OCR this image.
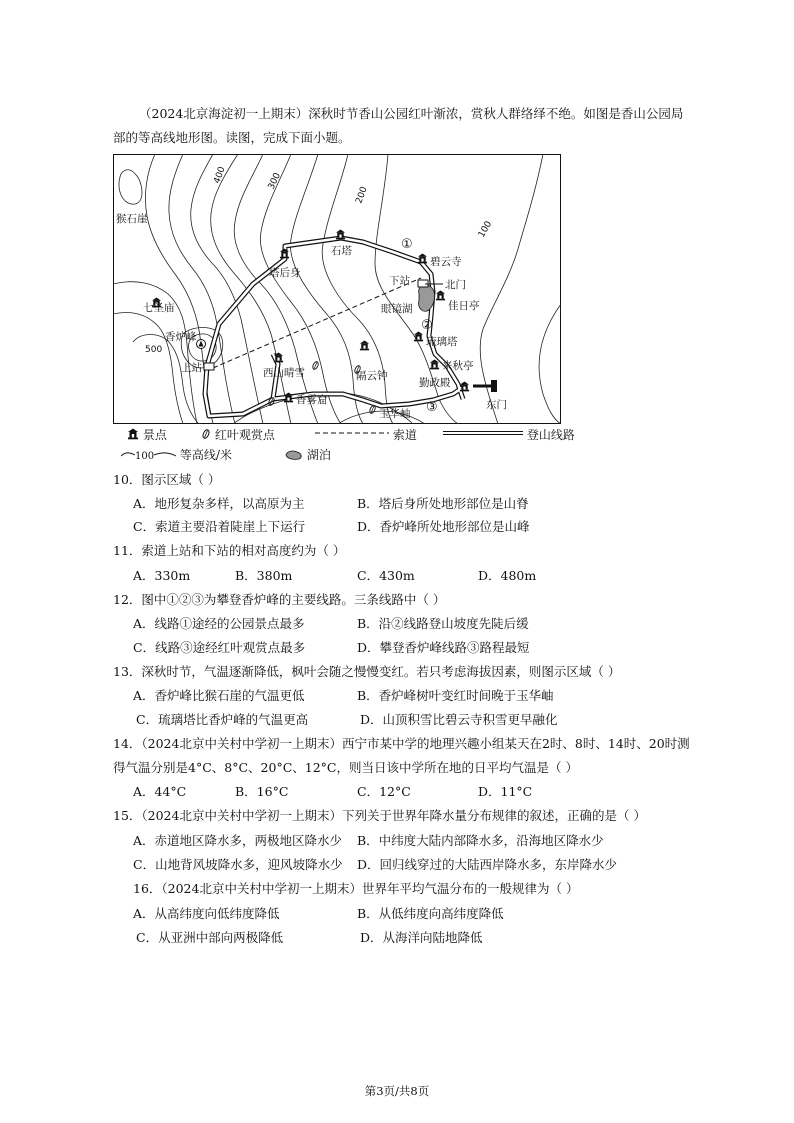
（2024北京海淀初一上期末）深秋时节香山公园红叶渐浓，赏秋人群络绎不绝。如图是香山公园局部的等高线地形图。读图，完成下面小题。

猴石崖
石塔
碧云寺
塔后身
下站	北门
佳日亭
眼镜湖
七圣庙
香炉峰
上站
琉璃塔
来秋亭
西山晴雪	隔云钟
勤政殿
香雾窟
玉华岫
东门
①
②
③
100
200
300
400
500
景点	红叶观赏点	索道	登山线路
100 等高线/米	湖泊

10．图示区域（ ）

A．地形复杂多样，以高原为主	B．塔后身所处地形部位是山脊
C．索道主要沿着陡崖上下运行	D．香炉峰所处地形部位是山峰

11．索道上站和下站的相对高度约为（ ）

A．330m	B．380m	C．430m	D．480m

12．图中①②③为攀登香炉峰的主要线路。三条线路中（ ）

A．线路①途经的公园景点最多	B．沿②线路登山坡度先陡后缓
C．线路③途经红叶观赏点最多	D．攀登香炉峰线路③路程最短

13．深秋时节，气温逐渐降低，枫叶会随之慢慢变红。若只考虑海拔因素，则图示区域（ ）

A．香炉峰比猴石崖的气温更低	B．香炉峰树叶变红时间晚于玉华岫
C．琉璃塔比香炉峰的气温更高	D．山顶积雪比碧云寺积雪更早融化

14．（2024北京中关村中学初一上期末）西宁市某中学的地理兴趣小组某天在2时、8时、14时、20时测

得气温分别是4°C、8°C、20°C、12°C，则当日该中学所在地的日平均气温是（ ）

A．44°C	B．16°C	C．12°C	D．11°C

15．（2024北京中关村中学初一上期末）下列关于世界年降水量分布规律的叙述，正确的是（ ）

A．赤道地区降水多，两极地区降水少 B．中纬度大陆内部降水多，沿海地区降水少
C．山地背风坡降水多，迎风坡降水少 D．回归线穿过的大陆西岸降水多，东岸降水少

16．（2024北京中关村中学初一上期末）世界年平均气温分布的一般规律为（ ）

A．从高纬度向低纬度降低	B．从低纬度向高纬度降低
C．从亚洲中部向两极降低	D．从海洋向陆地降低
第3页/共8页
